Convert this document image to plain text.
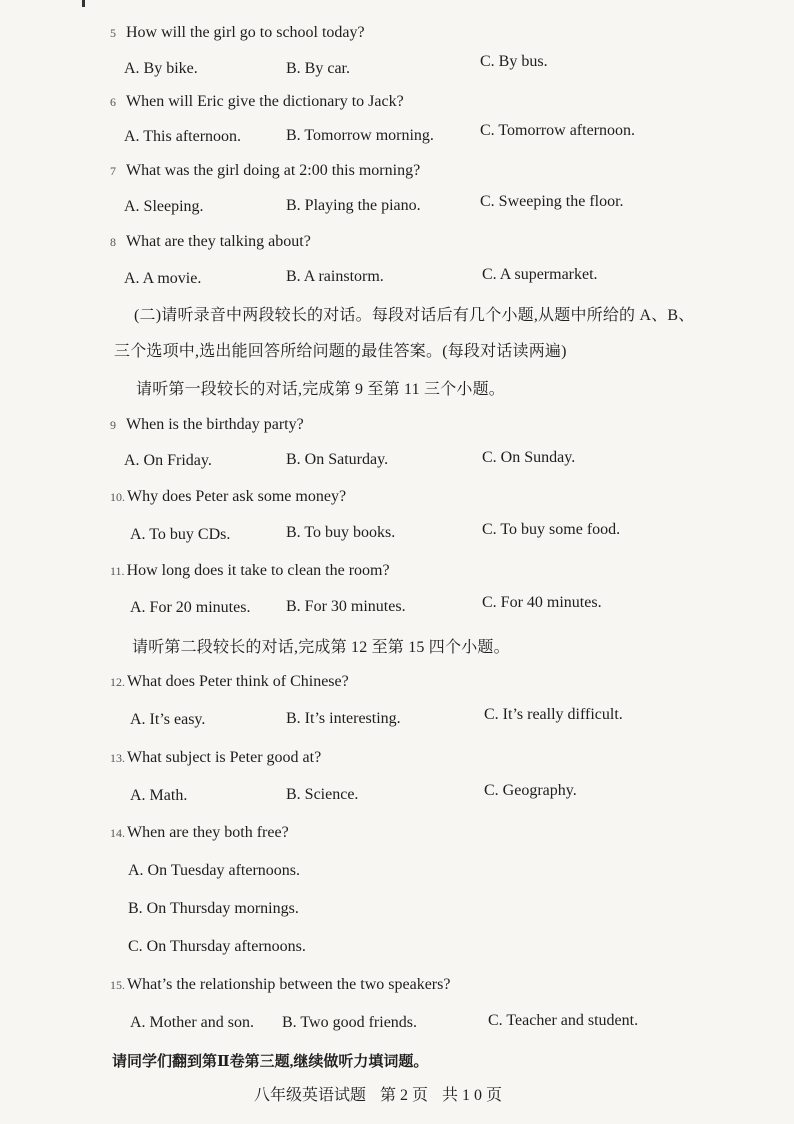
5 How will the girl go to school today?
A. By bike.	B. By car.	C. By bus.
6 When will Eric give the dictionary to Jack?
A. This afternoon.	B. Tomorrow morning.	C. Tomorrow afternoon.
7 What was the girl doing at 2:00 this morning?
A. Sleeping.	B. Playing the piano.	C. Sweeping the floor.
8 What are they talking about?
A. A movie.	B. A rainstorm.	C. A supermarket.
(二)请听录音中两段较长的对话。每段对话后有几个小题,从题中所给的 A、B、
三个选项中,选出能回答所给问题的最佳答案。(每段对话读两遍)
请听第一段较长的对话,完成第 9 至第 11 三个小题。
9 When is the birthday party?
A. On Friday.	B. On Saturday.	C. On Sunday.
10. Why does Peter ask some money?
A. To buy CDs.	B. To buy books.	C. To buy some food.
11. How long does it take to clean the room?
A. For 20 minutes. B. For 30 minutes.	C. For 40 minutes.
请听第二段较长的对话,完成第 12 至第 15 四个小题。
12. What does Peter think of Chinese?
A. It’s easy.	B. It’s interesting.	C. It’s really difficult.
13. What subject is Peter good at?
A. Math.	B. Science.	C. Geography.
14. When are they both free?
A. On Tuesday afternoons.
B. On Thursday mornings.
C. On Thursday afternoons.
15. What’s the relationship between the two speakers?
A. Mother and son. B. Two good friends.	C. Teacher and student.
请同学们翻到第Ⅱ卷第三题,继续做听力填词题。
八年级英语试题 第 2 页 共 1 0 页
